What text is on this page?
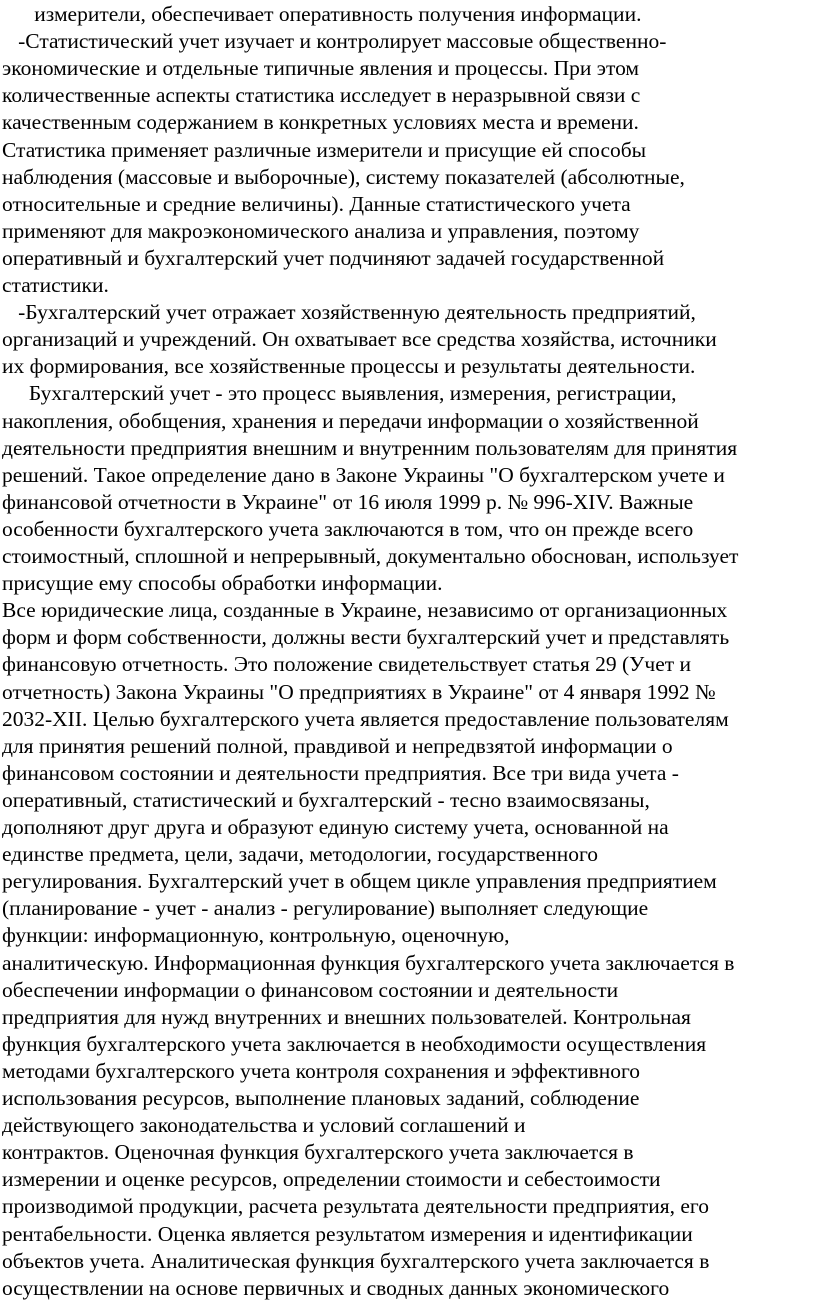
измерители, обеспечивает оперативность получения информации.
-Статистический учет изучает и контролирует массовые общественно-
экономические и отдельные типичные явления и процессы. При этом
количественные аспекты статистика исследует в неразрывной связи с
качественным содержанием в конкретных условиях места и времени.
Статистика применяет различные измерители и присущие ей способы
наблюдения (массовые и выборочные), систему показателей (абсолютные,
относительные и средние величины). Данные статистического учета
применяют для макроэкономического анализа и управления, поэтому
оперативный и бухгалтерский учет подчиняют задачей государственной
статистики.
-Бухгалтерский учет отражает хозяйственную деятельность предприятий,
организаций и учреждений. Он охватывает все средства хозяйства, источники
их формирования, все хозяйственные процессы и результаты деятельности.
Бухгалтерский учет - это процесс выявления, измерения, регистрации,
накопления, обобщения, хранения и передачи информации о хозяйственной
деятельности предприятия внешним и внутренним пользователям для принятия
решений. Такое определение дано в Законе Украины "О бухгалтерском учете и
финансовой отчетности в Украине" от 16 июля 1999 р. № 996-XIV. Важные
особенности бухгалтерского учета заключаются в том, что он прежде всего
стоимостный, сплошной и непрерывный, документально обоснован, использует
присущие ему способы обработки информации.
Все юридические лица, созданные в Украине, независимо от организационных
форм и форм собственности, должны вести бухгалтерский учет и представлять
финансовую отчетность. Это положение свидетельствует статья 29 (Учет и
отчетность) Закона Украины "О предприятиях в Украине" от 4 января 1992 №
2032-XII. Целью бухгалтерского учета является предоставление пользователям
для принятия решений полной, правдивой и непредвзятой информации о
финансовом состоянии и деятельности предприятия. Все три вида учета -
оперативный, статистический и бухгалтерский - тесно взаимосвязаны,
дополняют друг друга и образуют единую систему учета, основанной на
единстве предмета, цели, задачи, методологии, государственного
регулирования. Бухгалтерский учет в общем цикле управления предприятием
(планирование - учет - анализ - регулирование) выполняет следующие
функции: информационную, контрольную, оценочную,
аналитическую. Информационная функция бухгалтерского учета заключается в
обеспечении информации о финансовом состоянии и деятельности
предприятия для нужд внутренних и внешних пользователей. Контрольная
функция бухгалтерского учета заключается в необходимости осуществления
методами бухгалтерского учета контроля сохранения и эффективного
использования ресурсов, выполнение плановых заданий, соблюдение
действующего законодательства и условий соглашений и
контрактов. Оценочная функция бухгалтерского учета заключается в
измерении и оценке ресурсов, определении стоимости и себестоимости
производимой продукции, расчета результата деятельности предприятия, его
рентабельности. Оценка является результатом измерения и идентификации
объектов учета. Аналитическая функция бухгалтерского учета заключается в
осуществлении на основе первичных и сводных данных экономического
